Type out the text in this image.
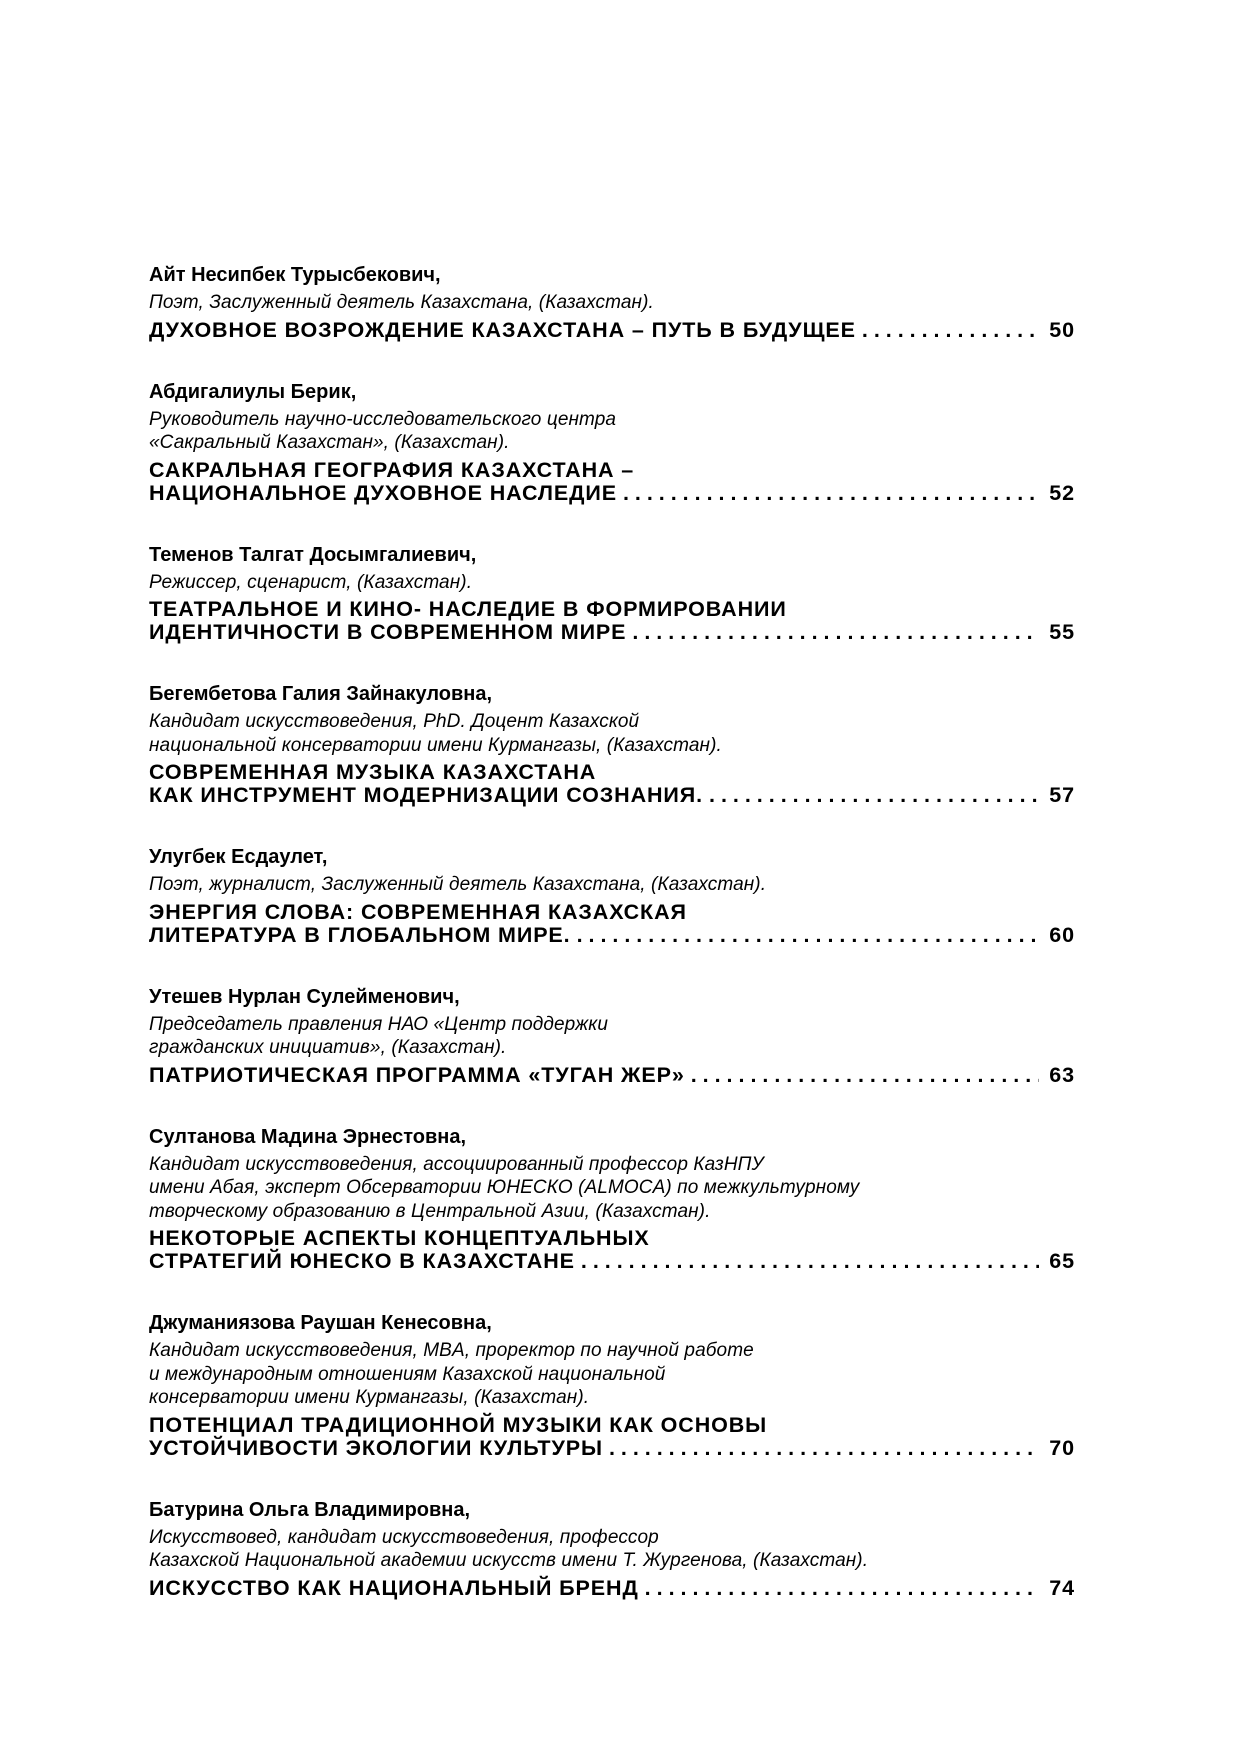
Айт Несипбек Турысбекович,
Поэт, Заслуженный деятель Казахстана, (Казахстан).
ДУХОВНОЕ ВОЗРОЖДЕНИЕ КАЗАХСТАНА – ПУТЬ В БУДУЩЕЕ . . .	50
Абдигалиулы Берик,
Руководитель научно-исследовательского центра
«Сакральный Казахстан», (Казахстан).
САКРАЛЬНАЯ ГЕОГРАФИЯ КАЗАХСТАНА –
НАЦИОНАЛЬНОЕ ДУХОВНОЕ НАСЛЕДИЕ . . .	52
Теменов Талгат Досымгалиевич,
Режиссер, сценарист, (Казахстан).
ТЕАТРАЛЬНОЕ И КИНО- НАСЛЕДИЕ В ФОРМИРОВАНИИ
ИДЕНТИЧНОСТИ В СОВРЕМЕННОМ МИРЕ . . .	55
Бегембетова Галия Зайнакуловна,
Кандидат искусствоведения, PhD. Доцент Казахской
национальной консерватории имени Курмангазы, (Казахстан).
СОВРЕМЕННАЯ МУЗЫКА КАЗАХСТАНА
КАК ИНСТРУМЕНТ МОДЕРНИЗАЦИИ СОЗНАНИЯ. . . .	57
Улугбек Есдаулет,
Поэт, журналист, Заслуженный деятель Казахстана, (Казахстан).
ЭНЕРГИЯ СЛОВА: СОВРЕМЕННАЯ КАЗАХСКАЯ
ЛИТЕРАТУРА В ГЛОБАЛЬНОМ МИРЕ. . . .	60
Утешев Нурлан Сулейменович,
Председатель правления НАО «Центр поддержки
гражданских инициатив», (Казахстан).
ПАТРИОТИЧЕСКАЯ ПРОГРАММА «ТУГАН ЖЕР» . . .	63
Султанова Мадина Эрнестовна,
Кандидат искусствоведения, ассоциированный профессор КазНПУ
имени Абая, эксперт Обсерватории ЮНЕСКО (ALMOCA) по межкультурному
творческому образованию в Центральной Азии, (Казахстан).
НЕКОТОРЫЕ АСПЕКТЫ КОНЦЕПТУАЛЬНЫХ
СТРАТЕГИЙ ЮНЕСКО В КАЗАХСТАНЕ . . .	65
Джуманиязова Раушан Кенесовна,
Кандидат искусствоведения, MBA, проректор по научной работе
и международным отношениям Казахской национальной
консерватории имени Курмангазы, (Казахстан).
ПОТЕНЦИАЛ ТРАДИЦИОННОЙ МУЗЫКИ КАК ОСНОВЫ
УСТОЙЧИВОСТИ ЭКОЛОГИИ КУЛЬТУРЫ . . .	70
Батурина Ольга Владимировна,
Искусствовед, кандидат искусствоведения, профессор
Казахской Национальной академии искусств имени Т. Жургенова, (Казахстан).
ИСКУССТВО КАК НАЦИОНАЛЬНЫЙ БРЕНД . . .	74
